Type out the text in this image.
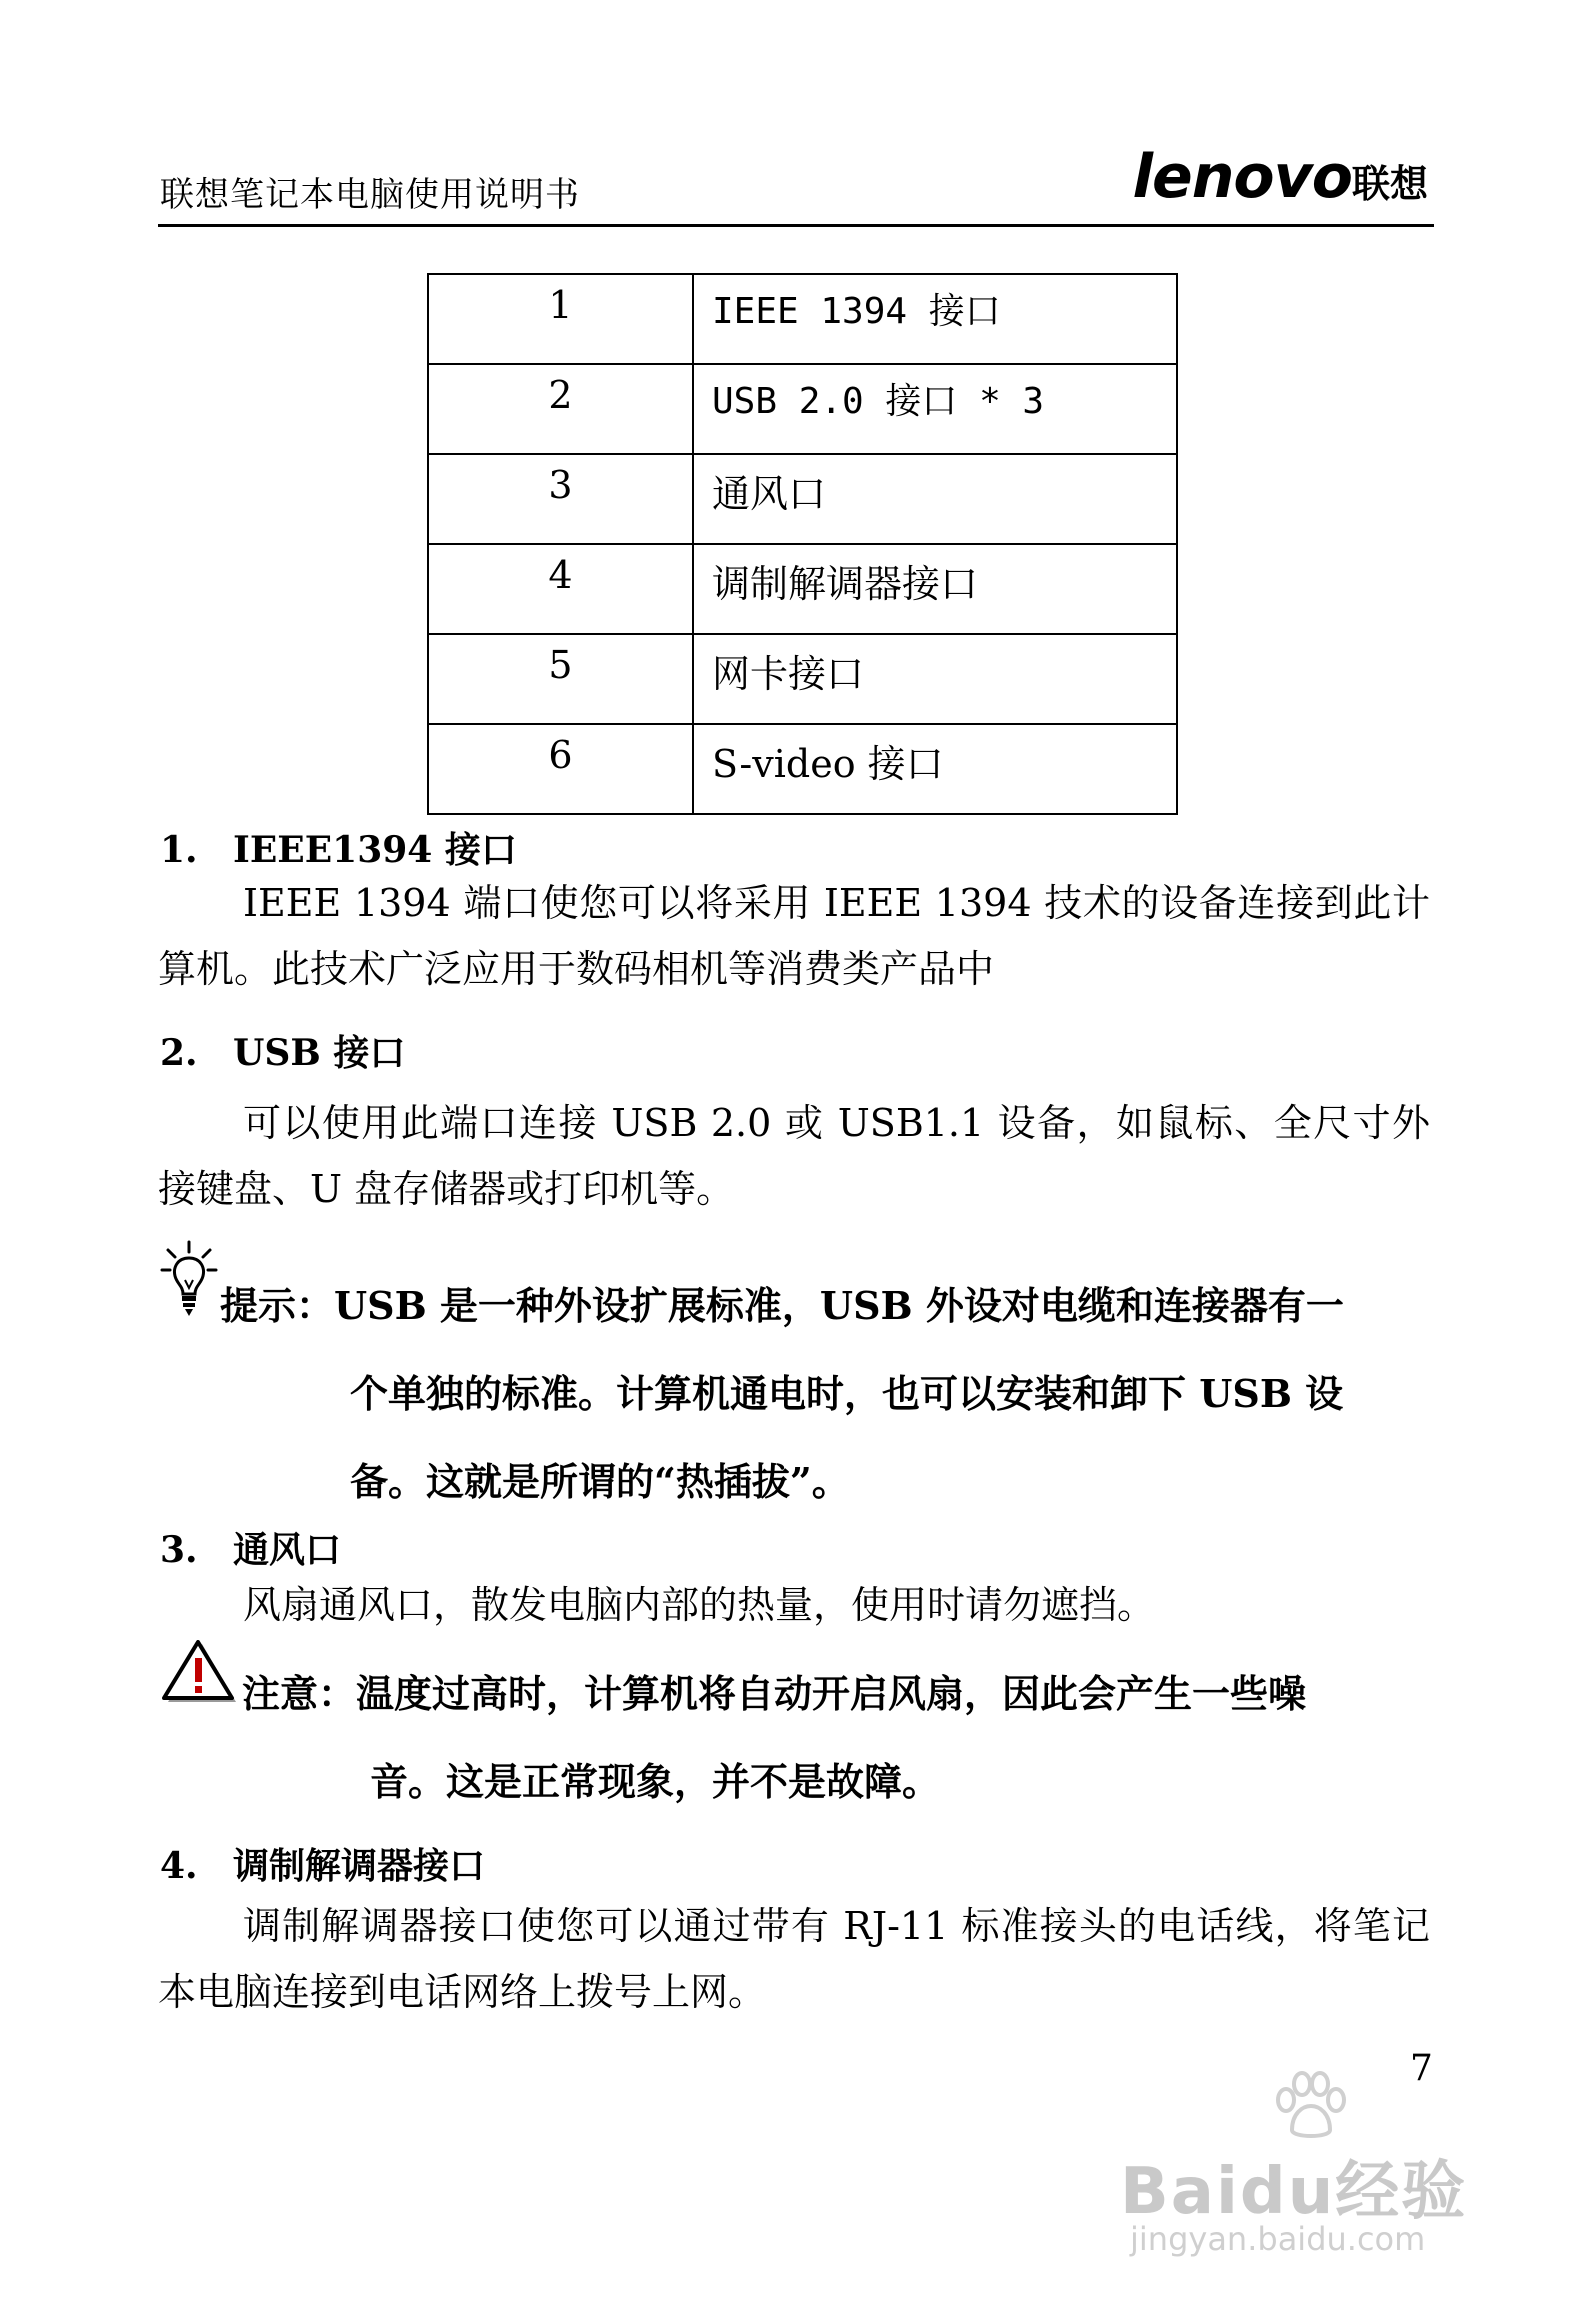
联想笔记本电脑使用说明书	lenovo联想
1	IEEE 1394 接口
2	USB 2.0 接口 * 3
3	通风口
4	调制解调器接口
5	网卡接口
6	S-video 接口
1. IEEE1394 接口
IEEE 1394 端口使您可以将采用 IEEE 1394 技术的设备连接到此计算机。此技术广泛应用于数码相机等消费类产品中
2. USB 接口
可以使用此端口连接 USB 2.0 或 USB1.1 设备，如鼠标、全尺寸外接键盘、U 盘存储器或打印机等。
提示：USB 是一种外设扩展标准，USB 外设对电缆和连接器有一
个单独的标准。计算机通电时，也可以安装和卸下 USB 设
备。这就是所谓的“热插拔”。
3. 通风口
风扇通风口，散发电脑内部的热量，使用时请勿遮挡。
注意：温度过高时，计算机将自动开启风扇，因此会产生一些噪
音。这是正常现象，并不是故障。
4. 调制解调器接口
调制解调器接口使您可以通过带有 RJ-11 标准接头的电话线，将笔记本电脑连接到电话网络上拨号上网。
7
Baidu经验
jingyan.baidu.com
